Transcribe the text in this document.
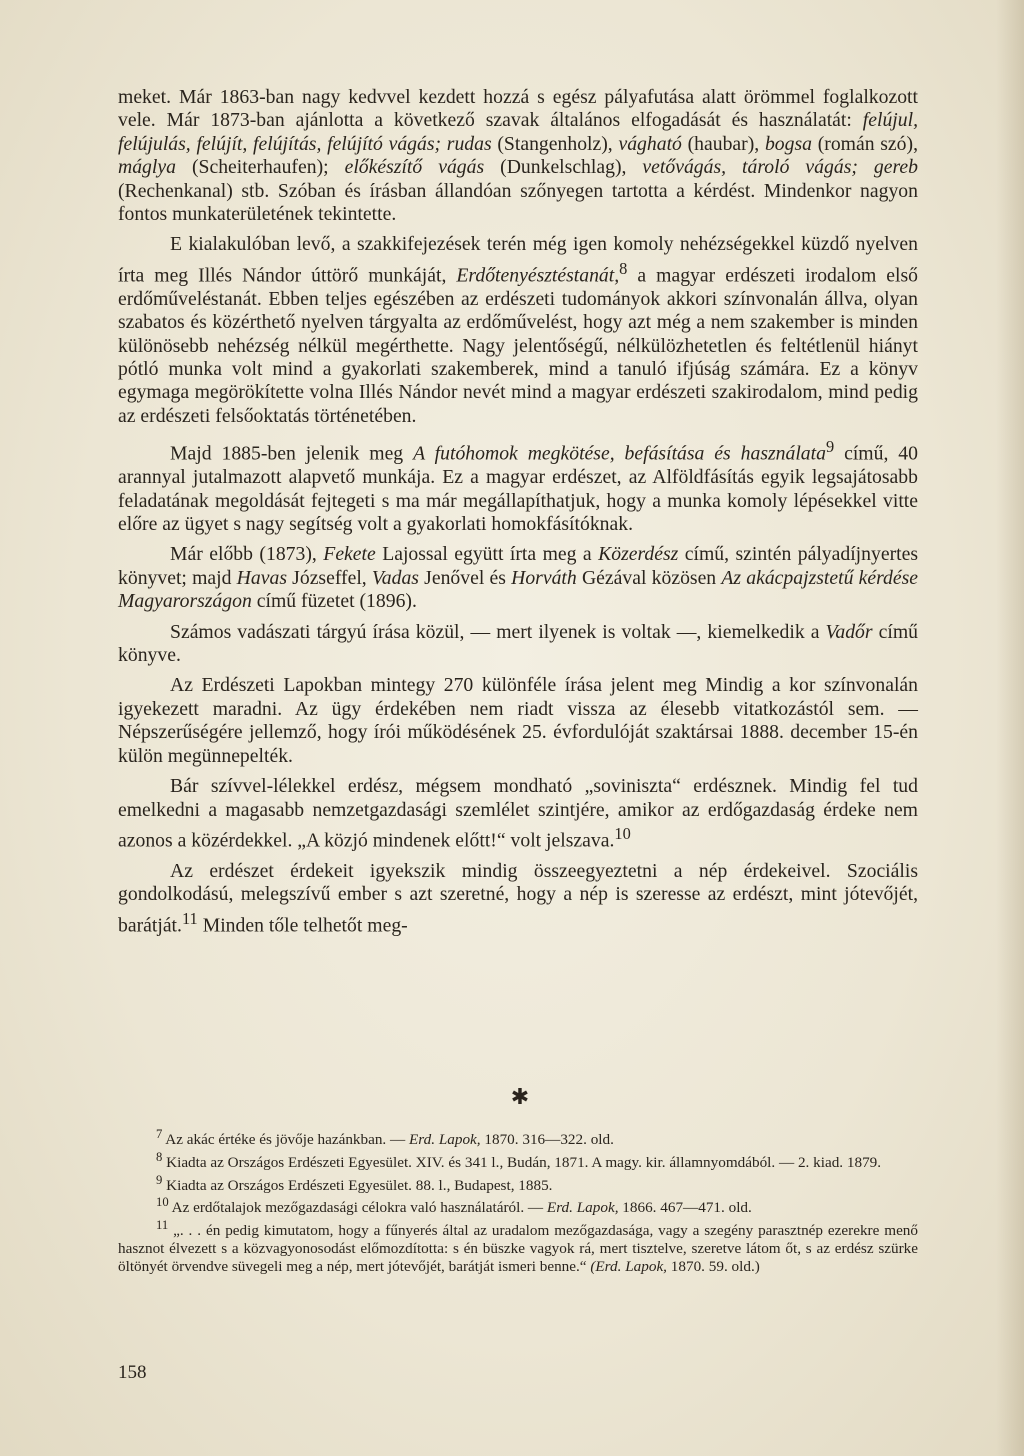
meket. Már 1863-ban nagy kedvvel kezdett hozzá s egész pályafutása alatt örömmel foglalkozott vele. Már 1873-ban ajánlotta a következő szavak általános elfogadását és használatát: felújul, felújulás, felújít, felújítás, felújító vágás; rudas (Stangenholz), vágható (haubar), bogsa (román szó), máglya (Scheiterhaufen); előkészítő vágás (Dunkelschlag), vetővágás, tároló vágás; gereb (Rechenkanal) stb. Szóban és írásban állandóan szőnyegen tartotta a kérdést. Mindenkor nagyon fontos munkaterületének tekintette.

E kialakulóban levő, a szakkifejezések terén még igen komoly nehézségekkel küzdő nyelven írta meg Illés Nándor úttörő munkáját, Erdőtenyésztéstanát,$^8$ a magyar erdészeti irodalom első erdőműveléstanát. Ebben teljes egészében az erdészeti tudományok akkori színvonalán állva, olyan szabatos és közérthető nyelven tárgyalta az erdőművelést, hogy azt még a nem szakember is minden különösebb nehézség nélkül megérthette. Nagy jelentőségű, nélkülözhetetlen és feltétlenül hiányt pótló munka volt mind a gyakorlati szakemberek, mind a tanuló ifjúság számára. Ez a könyv egymaga megörökítette volna Illés Nándor nevét mind a magyar erdészeti szakirodalom, mind pedig az erdészeti felsőoktatás történetében.

Majd 1885-ben jelenik meg A futóhomok megkötése, befásítása és használata$^9$ című, 40 arannyal jutalmazott alapvető munkája. Ez a magyar erdészet, az Alföldfásítás egyik legsajátosabb feladatának megoldását fejtegeti s ma már megállapíthatjuk, hogy a munka komoly lépésekkel vitte előre az ügyet s nagy segítség volt a gyakorlati homokfásítóknak.

Már előbb (1873), Fekete Lajossal együtt írta meg a Közerdész című, szintén pályadíjnyertes könyvet; majd Havas Józseffel, Vadas Jenővel és Horváth Gézával közösen Az akácpajzstetű kérdése Magyarországon című füzetet (1896).

Számos vadászati tárgyú írása közül, — mert ilyenek is voltak —, kiemelkedik a Vadőr című könyve.

Az Erdészeti Lapokban mintegy 270 különféle írása jelent meg Mindig a kor színvonalán igyekezett maradni. Az ügy érdekében nem riadt vissza az élesebb vitatkozástól sem. — Népszerűségére jellemző, hogy írói működésének 25. évfordulóját szaktársai 1888. december 15-én külön megünnepelték.

Bár szívvel-lélekkel erdész, mégsem mondható „soviniszta“ erdésznek. Mindig fel tud emelkedni a magasabb nemzetgazdasági szemlélet szintjére, amikor az erdőgazdaság érdeke nem azonos a közérdekkel. „A közjó mindenek előtt!“ volt jelszava.$^{10}$

Az erdészet érdekeit igyekszik mindig összeegyeztetni a nép érdekeivel. Szociális gondolkodású, melegszívű ember s azt szeretné, hogy a nép is szeresse az erdészt, mint jótevőjét, barátját.$^{11}$ Minden tőle telhetőt meg-

✱

$^7$ Az akác értéke és jövője hazánkban. — Erd. Lapok, 1870. 316—322. old.

$^8$ Kiadta az Országos Erdészeti Egyesület. XIV. és 341 l., Budán, 1871. A magy. kir. államnyomdából. — 2. kiad. 1879.

$^9$ Kiadta az Országos Erdészeti Egyesület. 88. l., Budapest, 1885.

$^{10}$ Az erdőtalajok mezőgazdasági célokra való használatáról. — Erd. Lapok, 1866. 467—471. old.

$^{11}$ „. . . én pedig kimutatom, hogy a fűnyerés által az uradalom mezőgazdasága, vagy a szegény parasztnép ezerekre menő hasznot élvezett s a közvagyonosodást előmozdította: s én büszke vagyok rá, mert tisztelve, szeretve látom őt, s az erdész szürke öltönyét örvendve süvegeli meg a nép, mert jótevőjét, barátját ismeri benne.“ (Erd. Lapok, 1870. 59. old.)

158
